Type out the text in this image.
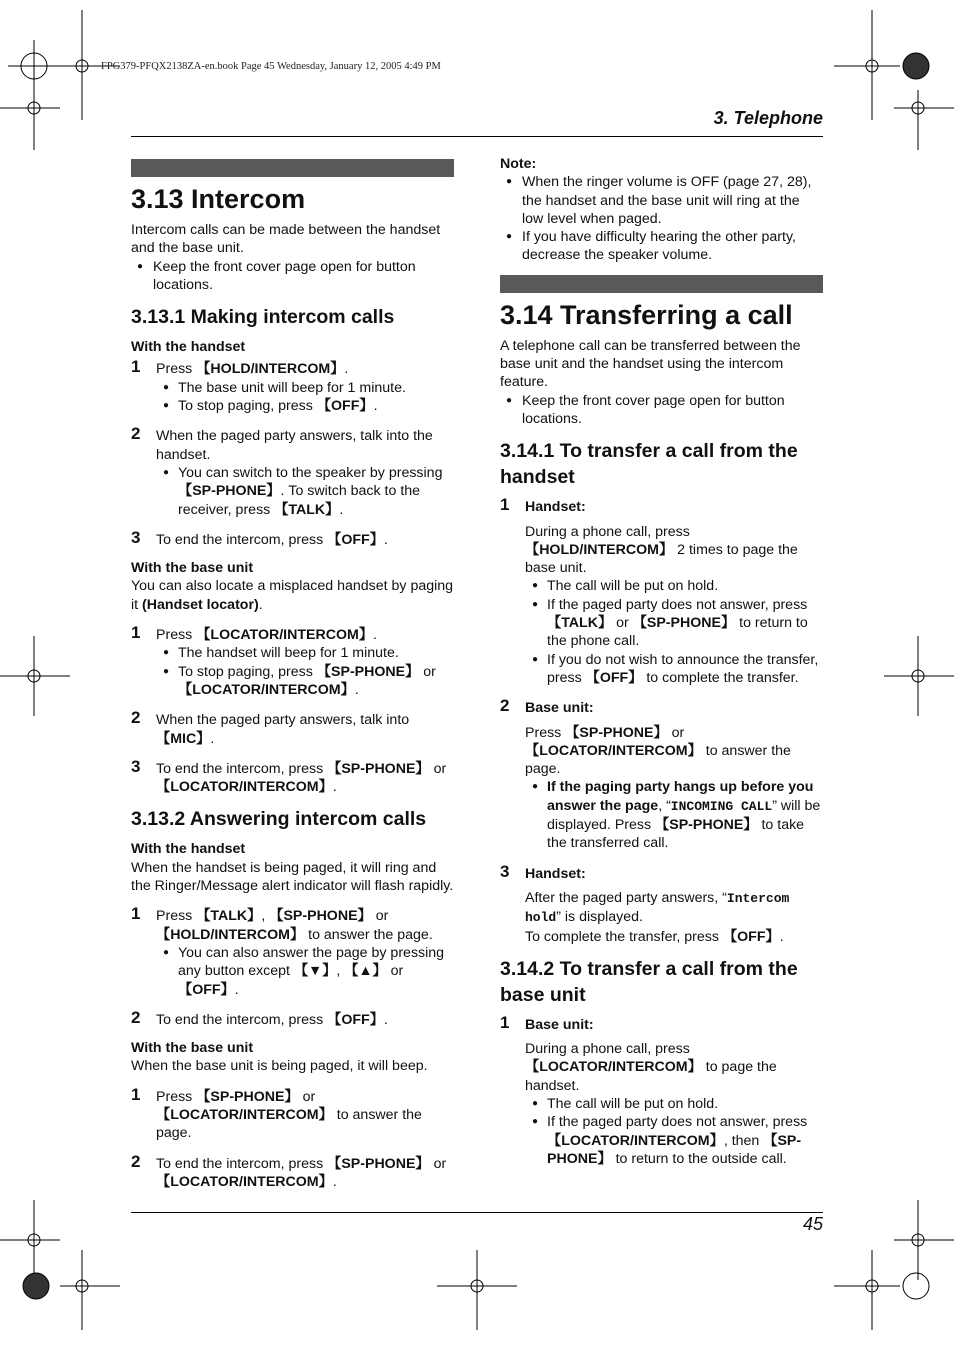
FPG379-PFQX2138ZA-en.book Page 45 Wednesday, January 12, 2005 4:49 PM
3. Telephone
45
3.13 Intercom

Intercom calls can be made between the handset and the base unit.

● Keep the front cover page open for button locations.
3.13.1 Making intercom calls

With the handset

1 Press 【HOLD/INTERCOM】.
● The base unit will beep for 1 minute.
● To stop paging, press 【OFF】.
2 When the paged party answers, talk into the handset.
● You can switch to the speaker by pressing 【SP-PHONE】. To switch back to the receiver, press 【TALK】.
3 To end the intercom, press 【OFF】.

With the base unit

You can also locate a misplaced handset by paging it (Handset locator).

1 Press 【LOCATOR/INTERCOM】.
● The handset will beep for 1 minute.
● To stop paging, press 【SP-PHONE】 or 【LOCATOR/INTERCOM】.
2 When the paged party answers, talk into 【MIC】.
3 To end the intercom, press 【SP-PHONE】 or 【LOCATOR/INTERCOM】.
3.13.2 Answering intercom calls

With the handset

When the handset is being paged, it will ring and the Ringer/Message alert indicator will flash rapidly.

1 Press 【TALK】, 【SP-PHONE】 or 【HOLD/INTERCOM】 to answer the page.
● You can also answer the page by pressing any button except 【▼】, 【▲】 or 【OFF】.
2 To end the intercom, press 【OFF】.

With the base unit

When the base unit is being paged, it will beep.

1 Press 【SP-PHONE】 or 【LOCATOR/INTERCOM】 to answer the page.
2 To end the intercom, press 【SP-PHONE】 or 【LOCATOR/INTERCOM】.

Note:

● When the ringer volume is OFF (page 27, 28), the handset and the base unit will ring at the low level when paged.
● If you have difficulty hearing the other party, decrease the speaker volume.
3.14 Transferring a call

A telephone call can be transferred between the base unit and the handset using the intercom feature.

● Keep the front cover page open for button locations.
3.14.1 To transfer a call from the handset
1 Handset:

During a phone call, press 【HOLD/INTERCOM】 2 times to page the base unit.

● The call will be put on hold.
● If the paged party does not answer, press 【TALK】 or 【SP-PHONE】 to return to the phone call.
● If you do not wish to announce the transfer, press 【OFF】 to complete the transfer.
2 Base unit:

Press 【SP-PHONE】 or 【LOCATOR/INTERCOM】 to answer the page.

● If the paging party hangs up before you answer the page, “INCOMING CALL” will be displayed. Press 【SP-PHONE】 to take the transferred call.
3 Handset:

After the paged party answers, “Intercom hold” is displayed.

To complete the transfer, press 【OFF】.

3.14.2 To transfer a call from the base unit
1 Base unit:

During a phone call, press 【LOCATOR/INTERCOM】 to page the handset.

● The call will be put on hold.
● If the paged party does not answer, press 【LOCATOR/INTERCOM】, then 【SP-PHONE】 to return to the outside call.
